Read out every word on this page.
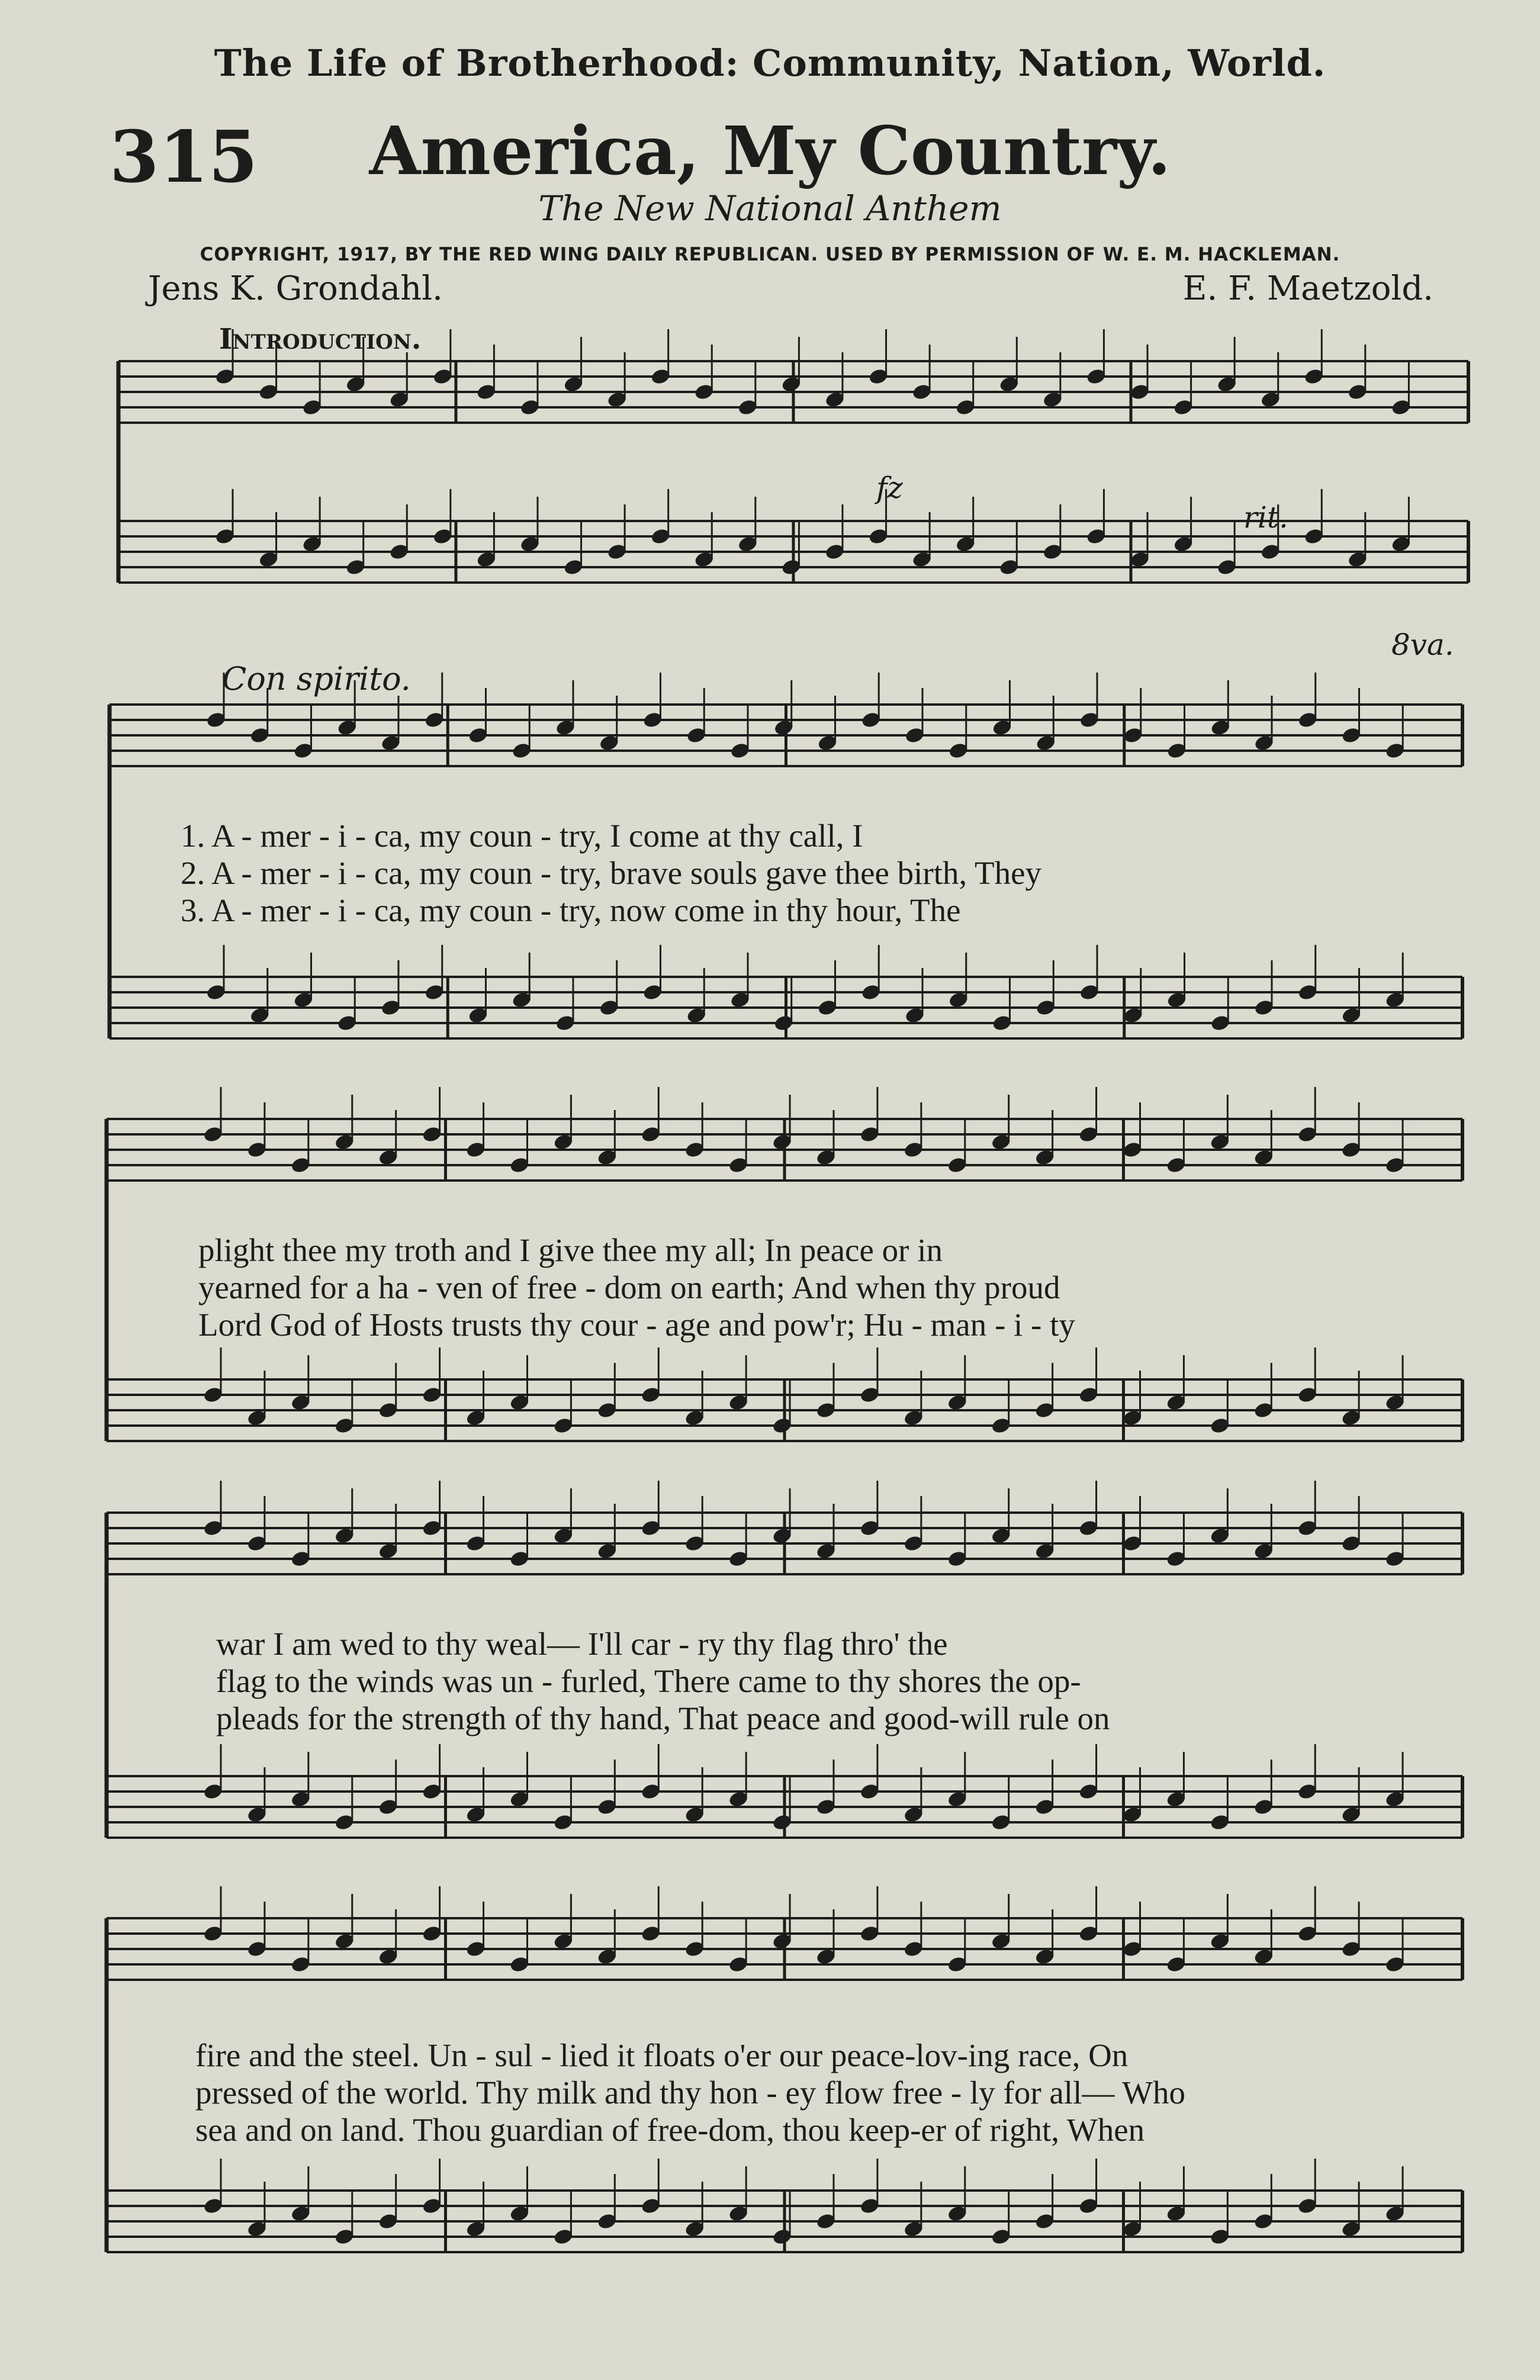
The Life of Brotherhood: Community, Nation, World.
315	America, My Country.
The New National Anthem
COPYRIGHT, 1917, BY THE RED WING DAILY REPUBLICAN. USED BY PERMISSION OF W. E. M. HACKLEMAN.
Jens K. Grondahl.	E. F. Maetzold.
Introduction.
fz
rit.
8va.
Con spirito.
1. A - mer - i - ca, my coun - try, I come at thy call, I
2. A - mer - i - ca, my coun - try, brave souls gave thee birth, They
3. A - mer - i - ca, my coun - try, now come in thy hour, The
plight thee my troth and I give thee my all; In peace or in
yearned for a ha - ven of free - dom on earth; And when thy proud
Lord God of Hosts trusts thy cour - age and pow'r; Hu - man - i - ty
war I am wed to thy weal— I'll car - ry thy flag thro' the
flag to the winds was un - furled, There came to thy shores the op-
pleads for the strength of thy hand, That peace and good-will rule on
fire and the steel. Un - sul - lied it floats o'er our peace-lov-ing race, On
pressed of the world. Thy milk and thy hon - ey flow free - ly for all— Who
sea and on land. Thou guardian of free-dom, thou keep-er of right, When
